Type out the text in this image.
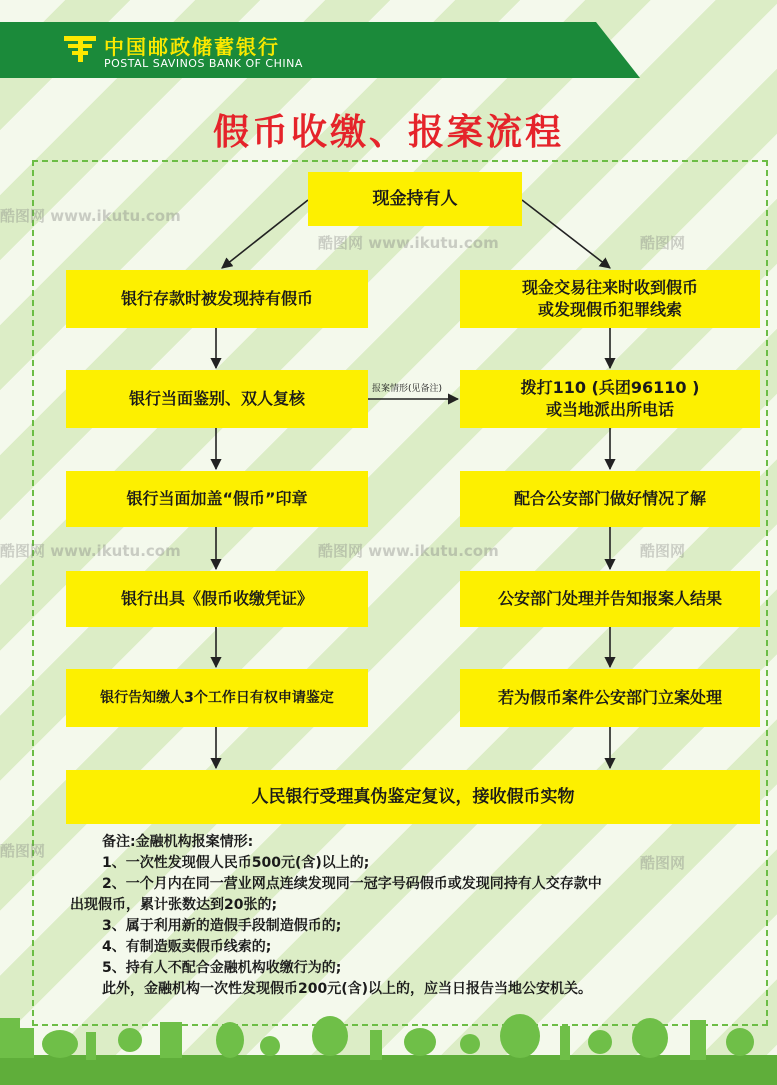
中国邮政储蓄银行
POSTAL SAVINOS BANK OF CHINA
假币收缴、报案流程
酷图网 www.ikutu.com
酷图网 www.ikutu.com	酷图网
酷图网 www.ikutu.com	酷图网 www.ikutu.com	酷图网
酷图网
酷图网
报案情形(见备注)
现金持有人
银行存款时被发现持有假币
银行当面鉴别、双人复核
银行当面加盖“假币”印章
银行出具《假币收缴凭证》
银行告知缴人3个工作日有权申请鉴定
现金交易往来时收到假币
或发现假币犯罪线索
拨打110 (兵团96110 )
或当地派出所电话
配合公安部门做好情况了解
公安部门处理并告知报案人结果
若为假币案件公安部门立案处理
人民银行受理真伪鉴定复议，接收假币实物
备注:金融机构报案情形:
1、一次性发现假人民币500元(含)以上的;
2、一个月内在同一营业网点连续发现同一冠字号码假币或发现同持有人交存款中
出现假币，累计张数达到20张的;
3、属于利用新的造假手段制造假币的;
4、有制造贩卖假币线索的;
5、持有人不配合金融机构收缴行为的;
此外，金融机构一次性发现假币200元(含)以上的，应当日报告当地公安机关。
